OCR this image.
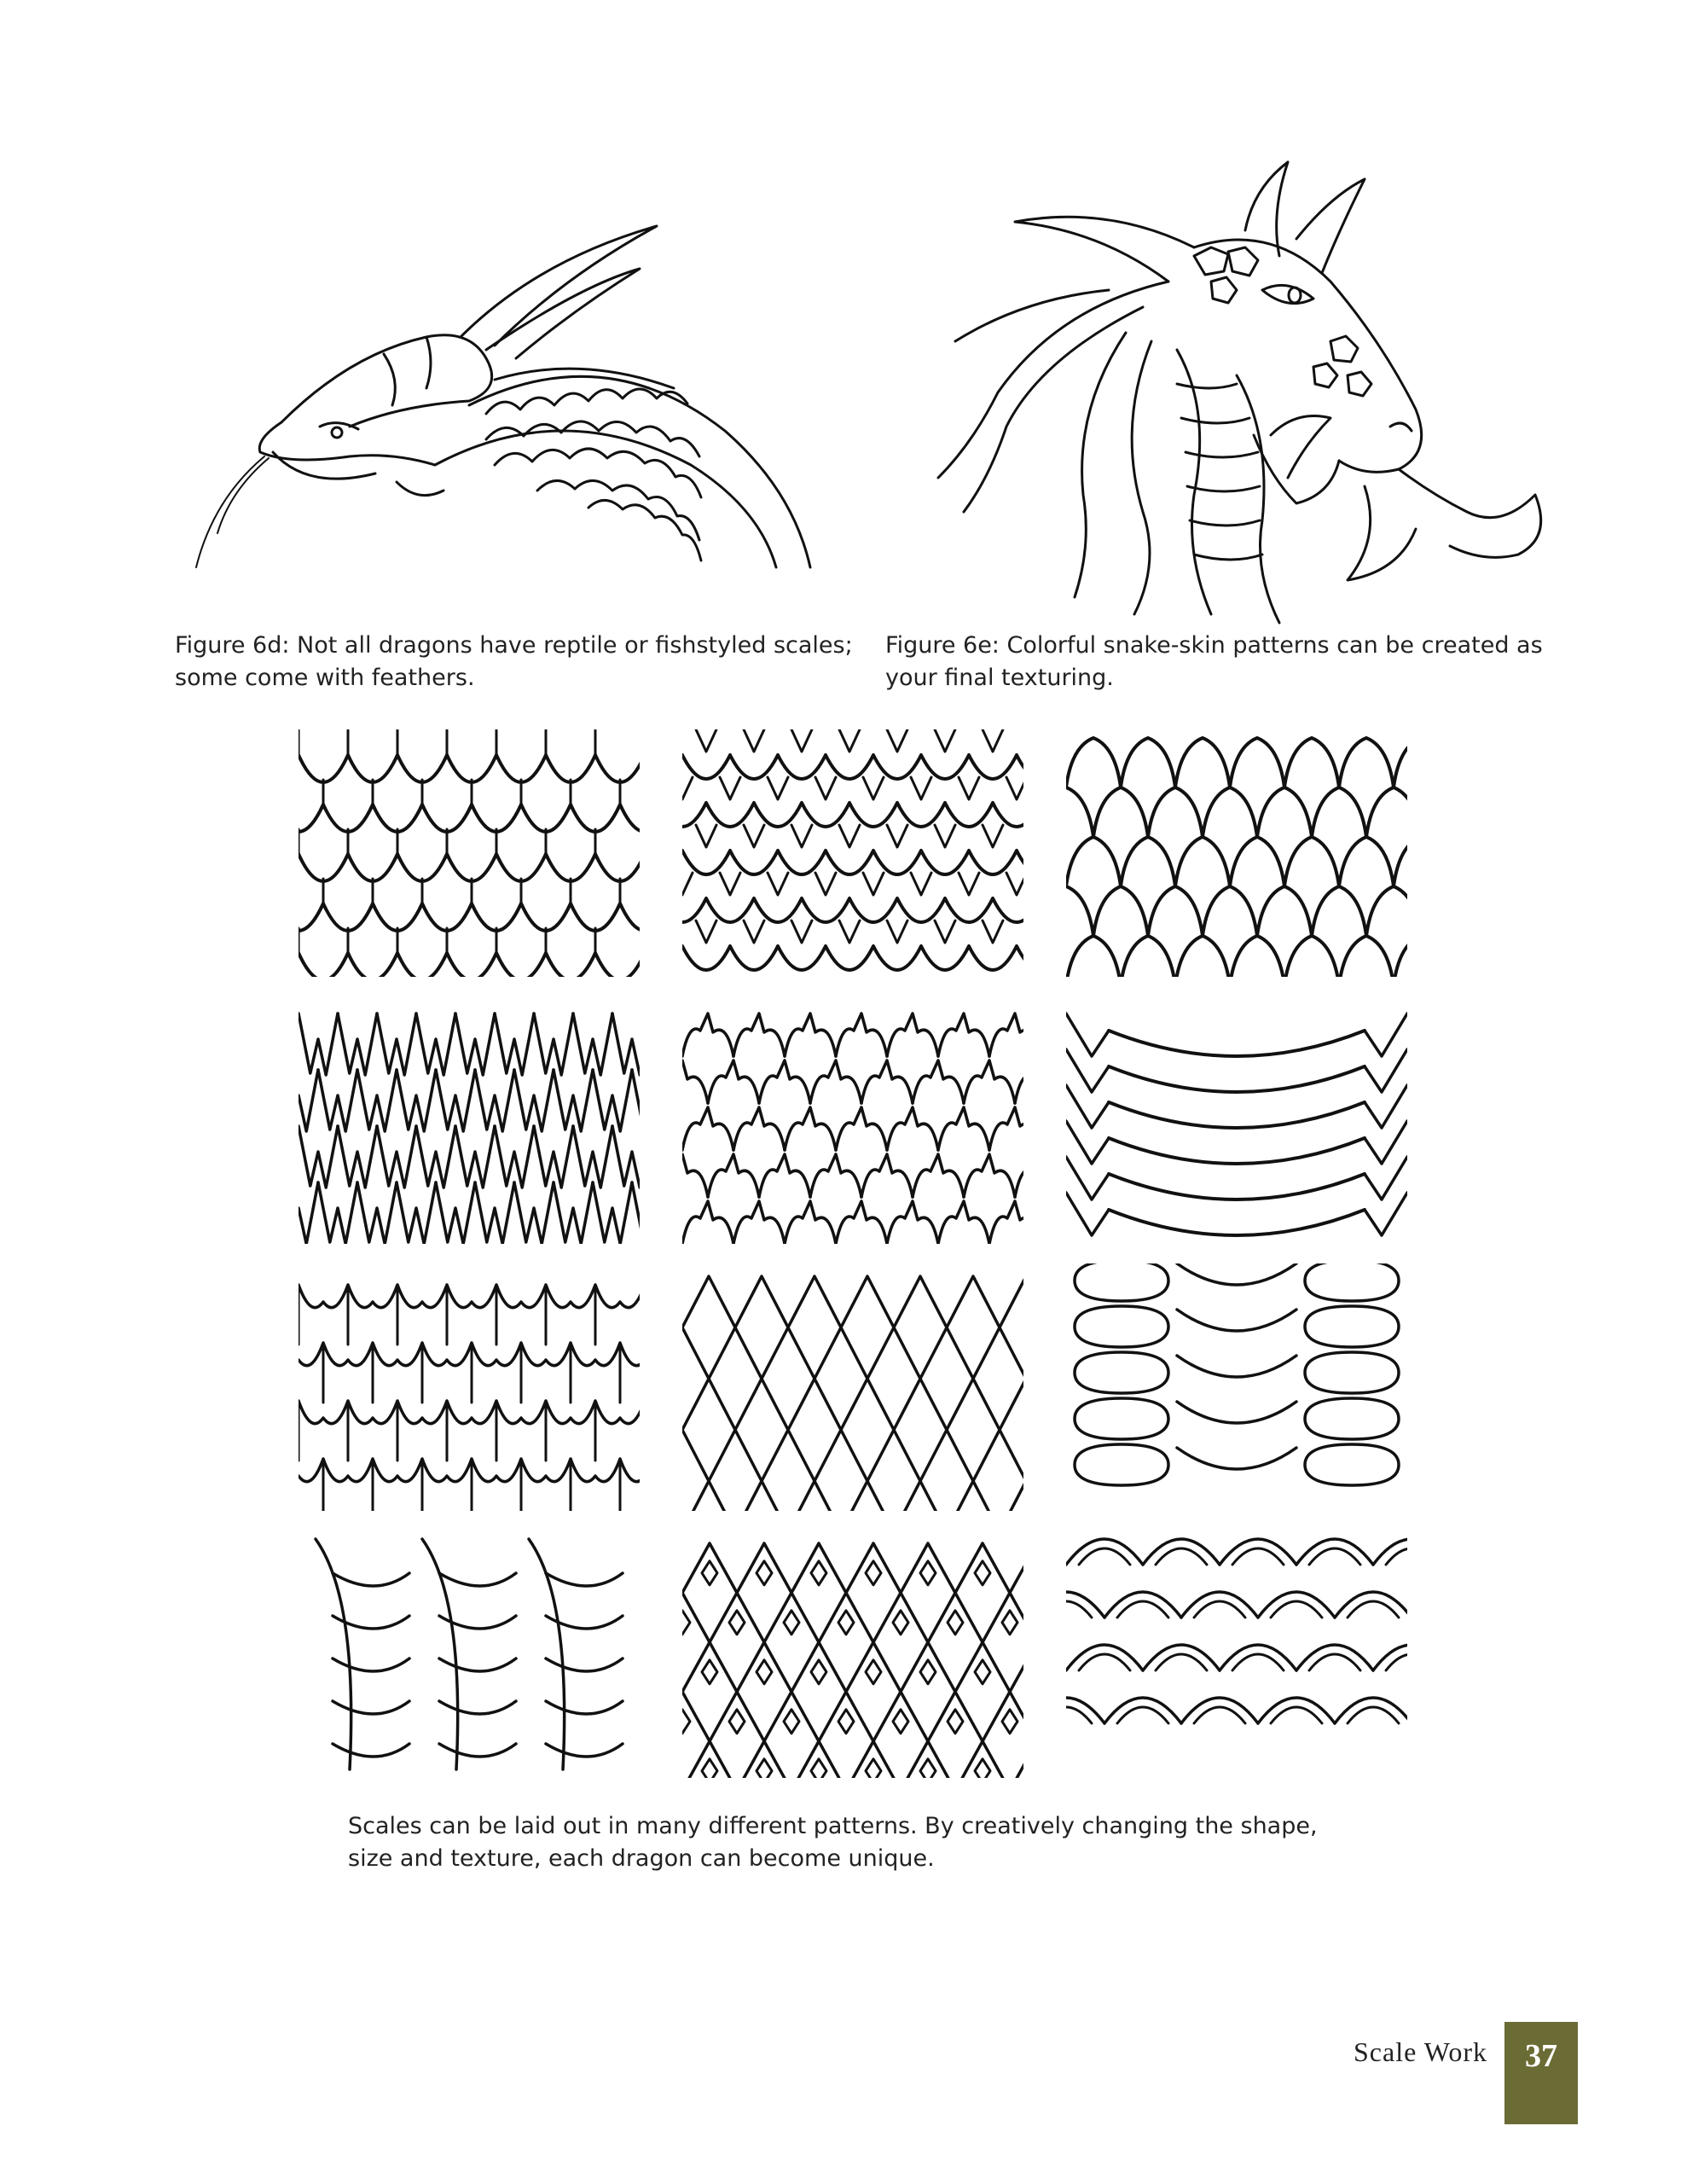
Figure 6d: Not all dragons have reptile or fishstyled scales;
some come with feathers.
Figure 6e: Colorful snake-skin patterns can be created as
your final texturing.
Scales can be laid out in many different patterns. By creatively changing the shape,
size and texture, each dragon can become unique.
Scale Work 37
